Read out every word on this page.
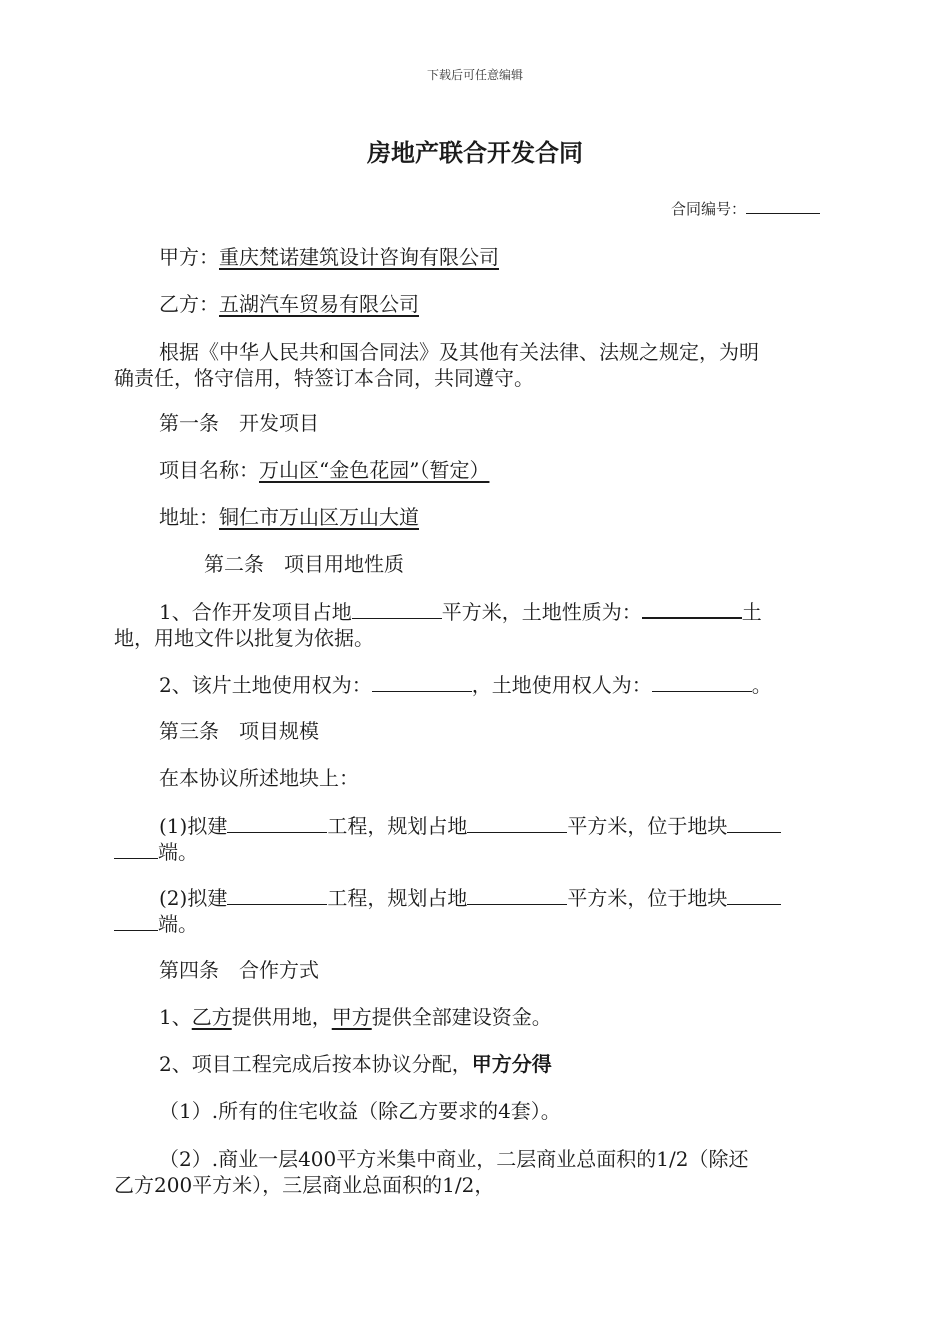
下载后可任意编辑
房地产联合开发合同
合同编号：
甲方：重庆梵诺建筑设计咨询有限公司
乙方：五湖汽车贸易有限公司
根据《中华人民共和国合同法》及其他有关法律、法规之规定，为明
确责任，恪守信用，特签订本合同，共同遵守。
第一条　开发项目
项目名称：万山区“金色花园”（暂定）
地址：铜仁市万山区万山大道
第二条　项目用地性质
1、合作开发项目占地	平方米，土地性质为：	土
地，用地文件以批复为依据。
2、该片土地使用权为：	，土地使用权人为：	。
第三条　项目规模
在本协议所述地块上：
(1)拟建	工程，规划占地	平方米，位于地块
端。
(2)拟建	工程，规划占地	平方米，位于地块
端。
第四条　合作方式
1、乙方提供用地，甲方提供全部建设资金。
2、项目工程完成后按本协议分配，甲方分得
（1）.所有的住宅收益（除乙方要求的4套）。
（2）.商业一层400平方米集中商业，二层商业总面积的1/2（除还
乙方200平方米），三层商业总面积的1/2，
